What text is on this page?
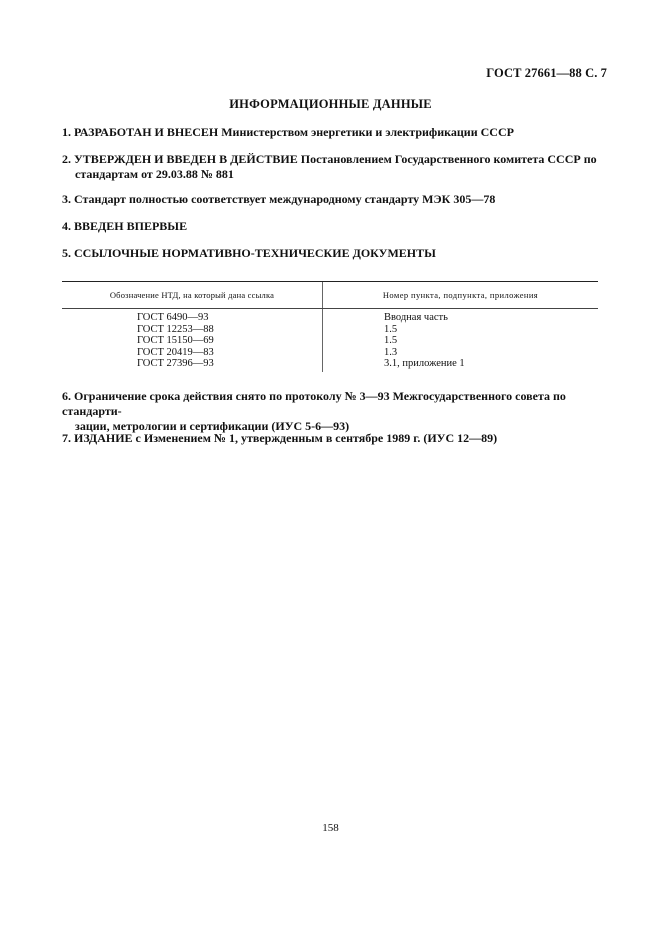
ГОСТ 27661—88 С. 7
ИНФОРМАЦИОННЫЕ ДАННЫЕ
1. РАЗРАБОТАН И ВНЕСЕН Министерством энергетики и электрификации СССР
2. УТВЕРЖДЕН И ВВЕДЕН В ДЕЙСТВИЕ Постановлением Государственного комитета СССР по
стандартам от 29.03.88 № 881
3. Стандарт полностью соответствует международному стандарту МЭК 305—78
4. ВВЕДЕН ВПЕРВЫЕ
5. ССЫЛОЧНЫЕ НОРМАТИВНО-ТЕХНИЧЕСКИЕ ДОКУМЕНТЫ
Обозначение НТД, на который дана ссылка	Номер пункта, подпункта, приложения
ГОСТ 6490—93
ГОСТ 12253—88
ГОСТ 15150—69
ГОСТ 20419—83
ГОСТ 27396—93
Вводная часть
1.5
1.5
1.3
3.1, приложение 1
6. Ограничение срока действия снято по протоколу № 3—93 Межгосударственного совета по стандарти-
зации, метрологии и сертификации (ИУС 5-6—93)
7. ИЗДАНИЕ с Изменением № 1, утвержденным в сентябре 1989 г. (ИУС 12—89)
158
